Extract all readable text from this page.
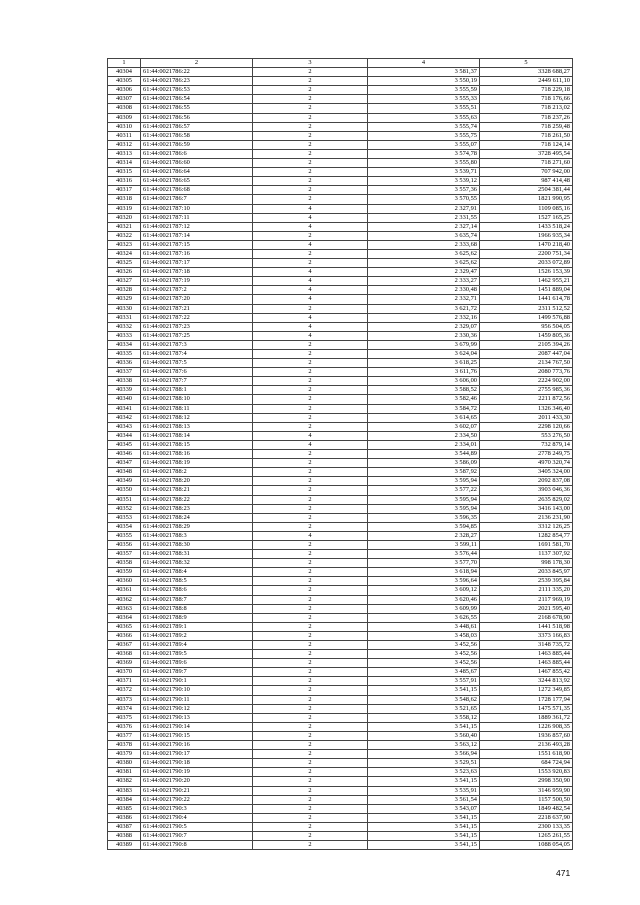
1	2	3	4	5
40304	61:44:0021786:22	2	3 581,37	3328 688,27
40305	61:44:0021786:23	2	3 550,19	2449 611,10
40306	61:44:0021786:53	2	3 555,59	718 229,18
40307	61:44:0021786:54	2	3 555,33	718 176,66
40308	61:44:0021786:55	2	3 555,51	718 213,02
40309	61:44:0021786:56	2	3 555,63	718 237,26
40310	61:44:0021786:57	2	3 555,74	718 259,48
40311	61:44:0021786:58	2	3 555,75	718 261,50
40312	61:44:0021786:59	2	3 555,07	718 124,14
40313	61:44:0021786:6	2	3 574,78	3728 495,54
40314	61:44:0021786:60	2	3 555,80	718 271,60
40315	61:44:0021786:64	2	3 539,71	707 942,00
40316	61:44:0021786:65	2	3 539,12	987 414,48
40317	61:44:0021786:68	2	3 557,36	2504 381,44
40318	61:44:0021786:7	2	3 570,55	1821 990,95
40319	61:44:0021787:10	4	2 327,91	1109 085,16
40320	61:44:0021787:11	4	2 331,55	1527 165,25
40321	61:44:0021787:12	4	2 327,14	1433 518,24
40322	61:44:0021787:14	2	3 635,74	1966 935,34
40323	61:44:0021787:15	4	2 333,68	1470 218,40
40324	61:44:0021787:16	2	3 625,62	2200 751,34
40325	61:44:0021787:17	2	3 625,62	2033 072,89
40326	61:44:0021787:18	4	2 329,47	1526 153,39
40327	61:44:0021787:19	4	2 333,27	1462 955,21
40328	61:44:0021787:2	4	2 330,48	1451 889,04
40329	61:44:0021787:20	4	2 332,71	1441 614,78
40330	61:44:0021787:21	2	3 621,72	2311 512,52
40331	61:44:0021787:22	4	2 332,16	1499 576,88
40332	61:44:0021787:23	4	2 329,07	956 504,05
40333	61:44:0021787:25	4	2 330,36	1459 805,36
40334	61:44:0021787:3	2	3 679,99	2105 394,26
40335	61:44:0021787:4	2	3 624,04	2087 447,04
40336	61:44:0021787:5	2	3 618,25	2134 767,50
40337	61:44:0021787:6	2	3 611,76	2080 773,76
40338	61:44:0021787:7	2	3 606,00	2224 902,00
40339	61:44:0021788:1	2	3 588,52	2755 985,36
40340	61:44:0021788:10	2	3 582,46	2211 872,56
40341	61:44:0021788:11	2	3 584,72	1326 346,40
40342	61:44:0021788:12	2	3 614,65	2011 433,30
40343	61:44:0021788:13	2	3 602,07	2298 120,66
40344	61:44:0021788:14	4	2 334,50	553 276,50
40345	61:44:0021788:15	4	2 334,01	732 879,14
40346	61:44:0021788:16	2	3 544,89	2778 249,75
40347	61:44:0021788:19	2	3 586,09	4970 320,74
40348	61:44:0021788:2	2	3 587,92	3405 324,00
40349	61:44:0021788:20	2	3 595,94	2092 837,08
40350	61:44:0021788:21	2	3 577,22	3903 046,36
40351	61:44:0021788:22	2	3 595,94	2635 829,02
40352	61:44:0021788:23	2	3 595,94	3416 143,00
40353	61:44:0021788:24	2	3 596,35	2136 231,90
40354	61:44:0021788:29	2	3 594,85	3312 126,25
40355	61:44:0021788:3	4	2 328,27	1282 854,77
40356	61:44:0021788:30	2	3 599,11	1691 581,70
40357	61:44:0021788:31	2	3 576,44	1137 307,92
40358	61:44:0021788:32	2	3 577,70	998 178,30
40359	61:44:0021788:4	2	3 618,94	2033 845,97
40360	61:44:0021788:5	2	3 596,64	2539 395,84
40361	61:44:0021788:6	2	3 609,12	2111 335,20
40362	61:44:0021788:7	2	3 620,46	2117 969,19
40363	61:44:0021788:8	2	3 609,99	2021 595,40
40364	61:44:0021788:9	2	3 626,55	2168 678,90
40365	61:44:0021789:1	2	3 448,61	1441 518,98
40366	61:44:0021789:2	2	3 458,03	3373 166,83
40367	61:44:0021789:4	2	3 452,56	3148 735,72
40368	61:44:0021789:5	2	3 452,56	1463 885,44
40369	61:44:0021789:6	2	3 452,56	1463 885,44
40370	61:44:0021789:7	2	3 485,67	1467 855,42
40371	61:44:0021790:1	2	3 557,91	3244 813,92
40372	61:44:0021790:10	2	3 541,15	1272 349,85
40373	61:44:0021790:11	2	3 548,62	1728 177,94
40374	61:44:0021790:12	2	3 521,65	1475 571,35
40375	61:44:0021790:13	2	3 558,12	1889 361,72
40376	61:44:0021790:14	2	3 541,15	1226 908,35
40377	61:44:0021790:15	2	3 560,40	1936 857,60
40378	61:44:0021790:16	2	3 563,12	2136 493,28
40379	61:44:0021790:17	2	3 566,94	1551 618,90
40380	61:44:0021790:18	2	3 529,51	684 724,94
40381	61:44:0021790:19	2	3 523,63	1553 920,83
40382	61:44:0021790:20	2	3 541,15	2998 350,90
40383	61:44:0021790:21	2	3 535,91	3146 959,90
40384	61:44:0021790:22	2	3 561,54	1157 500,50
40385	61:44:0021790:3	2	3 543,07	1849 482,54
40386	61:44:0021790:4	2	3 541,15	2218 637,90
40387	61:44:0021790:5	2	3 541,15	2300 133,35
40388	61:44:0021790:7	2	3 541,15	1265 261,55
40389	61:44:0021790:8	2	3 541,15	1088 054,05
471
